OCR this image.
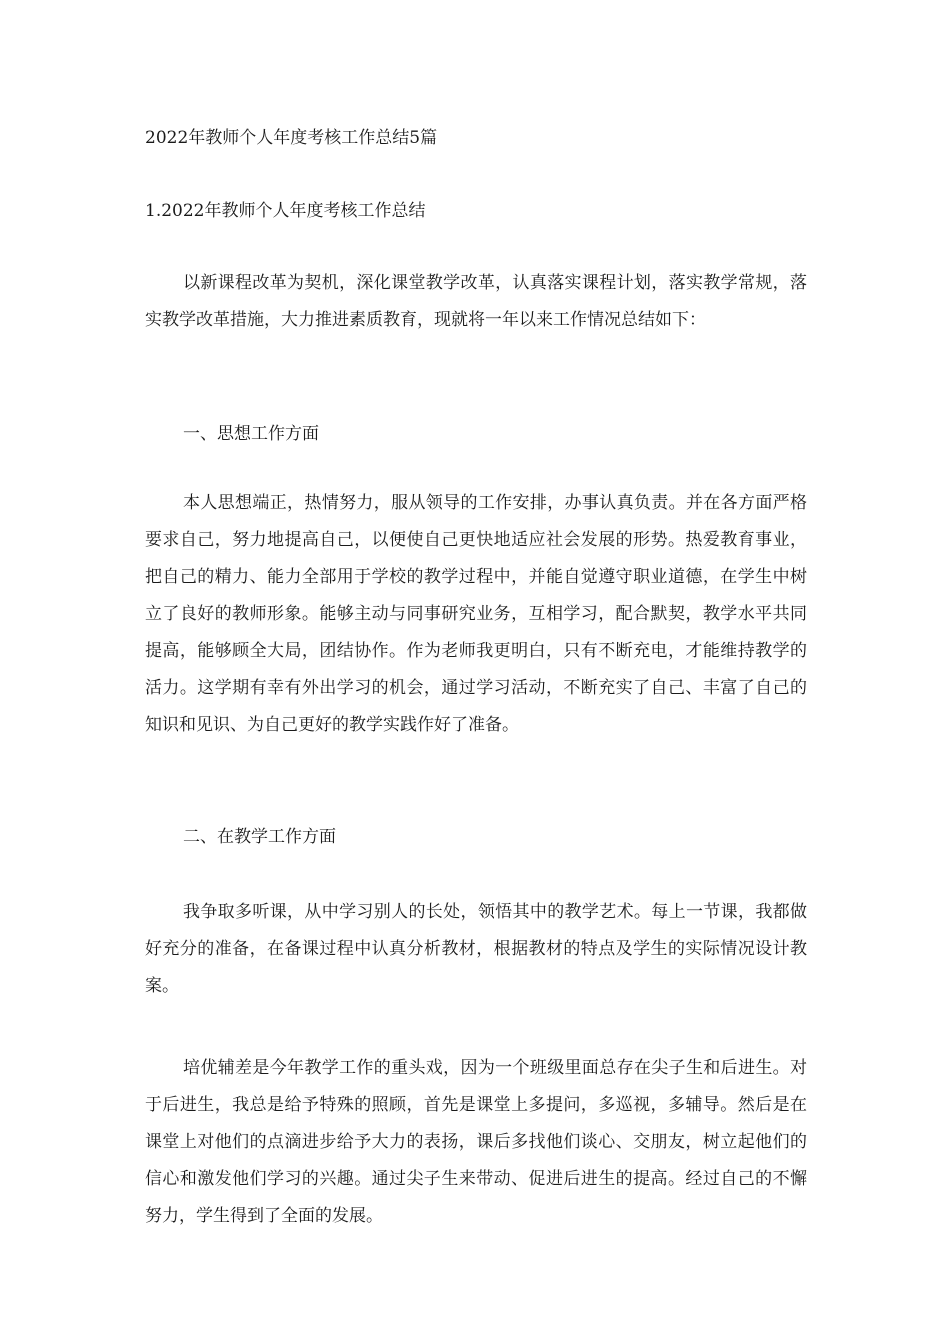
2022年教师个人年度考核工作总结5篇
1.2022年教师个人年度考核工作总结
以新课程改革为契机，深化课堂教学改革，认真落实课程计划，落实教学常规，落实教学改革措施，大力推进素质教育，现就将一年以来工作情况总结如下：
一、思想工作方面
本人思想端正，热情努力，服从领导的工作安排，办事认真负责。并在各方面严格要求自己，努力地提高自己，以便使自己更快地适应社会发展的形势。热爱教育事业，把自己的精力、能力全部用于学校的教学过程中，并能自觉遵守职业道德，在学生中树立了良好的教师形象。能够主动与同事研究业务，互相学习，配合默契，教学水平共同提高，能够顾全大局，团结协作。作为老师我更明白，只有不断充电，才能维持教学的活力。这学期有幸有外出学习的机会，通过学习活动，不断充实了自己、丰富了自己的知识和见识、为自己更好的教学实践作好了准备。
二、在教学工作方面
我争取多听课，从中学习别人的长处，领悟其中的教学艺术。每上一节课，我都做好充分的准备，在备课过程中认真分析教材，根据教材的特点及学生的实际情况设计教案。
培优辅差是今年教学工作的重头戏，因为一个班级里面总存在尖子生和后进生。对于后进生，我总是给予特殊的照顾，首先是课堂上多提问，多巡视，多辅导。然后是在课堂上对他们的点滴进步给予大力的表扬，课后多找他们谈心、交朋友，树立起他们的信心和激发他们学习的兴趣。通过尖子生来带动、促进后进生的提高。经过自己的不懈努力，学生得到了全面的发展。
